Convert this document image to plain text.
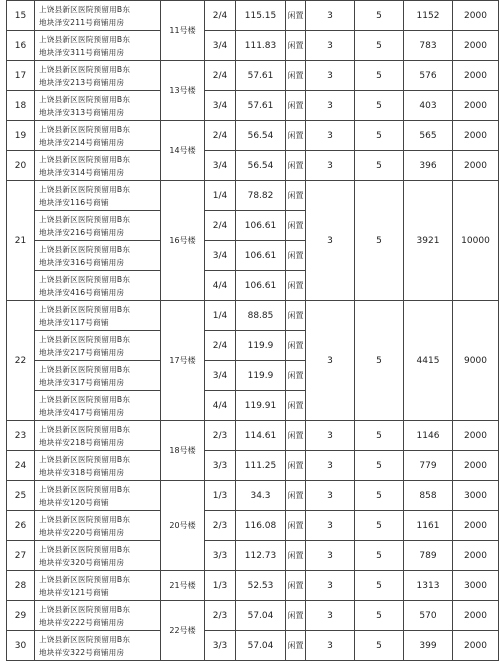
15	上饶县新区医院预留用B东
地块泽安211号商铺用房	11号楼	2/4	115.15	闲置	3	5	1152	2000
16	上饶县新区医院预留用B东
地块泽安311号商铺用房		3/4	111.83	闲置	3	5	783	2000
17	上饶县新区医院预留用B东
地块泽安213号商铺用房	13号楼	2/4	57.61	闲置	3	5	576	2000
18	上饶县新区医院预留用B东
地块泽安313号商铺用房		3/4	57.61	闲置	3	5	403	2000
19	上饶县新区医院预留用B东
地块泽安214号商铺用房	14号楼	2/4	56.54	闲置	3	5	565	2000
20	上饶县新区医院预留用B东
地块泽安314号商铺用房		3/4	56.54	闲置	3	5	396	2000
21	上饶县新区医院预留用B东
地块泽安116号商铺	16号楼	1/4	78.82	闲置	3	5	3921	10000

	上饶县新区医院预留用B东
地块泽安216号商铺用房		2/4	106.61	闲置				

	上饶县新区医院预留用B东
地块泽安316号商铺用房		3/4	106.61	闲置				

	上饶县新区医院预留用B东
地块泽安416号商铺用房		4/4	106.61	闲置				
22	上饶县新区医院预留用B东
地块泽安117号商铺	17号楼	1/4	88.85	闲置	3	5	4415	9000

	上饶县新区医院预留用B东
地块泽安217号商铺用房		2/4	119.9	闲置				

	上饶县新区医院预留用B东
地块泽安317号商铺用房		3/4	119.9	闲置				

	上饶县新区医院预留用B东
地块泽安417号商铺用房		4/4	119.91	闲置				
23	上饶县新区医院预留用B东
地块祥安218号商铺用房	18号楼	2/3	114.61	闲置	3	5	1146	2000
24	上饶县新区医院预留用B东
地块祥安318号商铺用房		3/3	111.25	闲置	3	5	779	2000
25	上饶县新区医院预留用B东
地块祥安120号商铺	20号楼	1/3	34.3	闲置	3	5	858	3000
26	上饶县新区医院预留用B东
地块祥安220号商铺用房		2/3	116.08	闲置	3	5	1161	2000
27	上饶县新区医院预留用B东
地块祥安320号商铺用房		3/3	112.73	闲置	3	5	789	2000
28	上饶县新区医院预留用B东
地块祥安121号商铺	21号楼	1/3	52.53	闲置	3	5	1313	3000
29	上饶县新区医院预留用B东
地块祥安222号商铺用房	22号楼	2/3	57.04	闲置	3	5	570	2000
30	上饶县新区医院预留用B东
地块祥安322号商铺用房		3/3	57.04	闲置	3	5	399	2000
